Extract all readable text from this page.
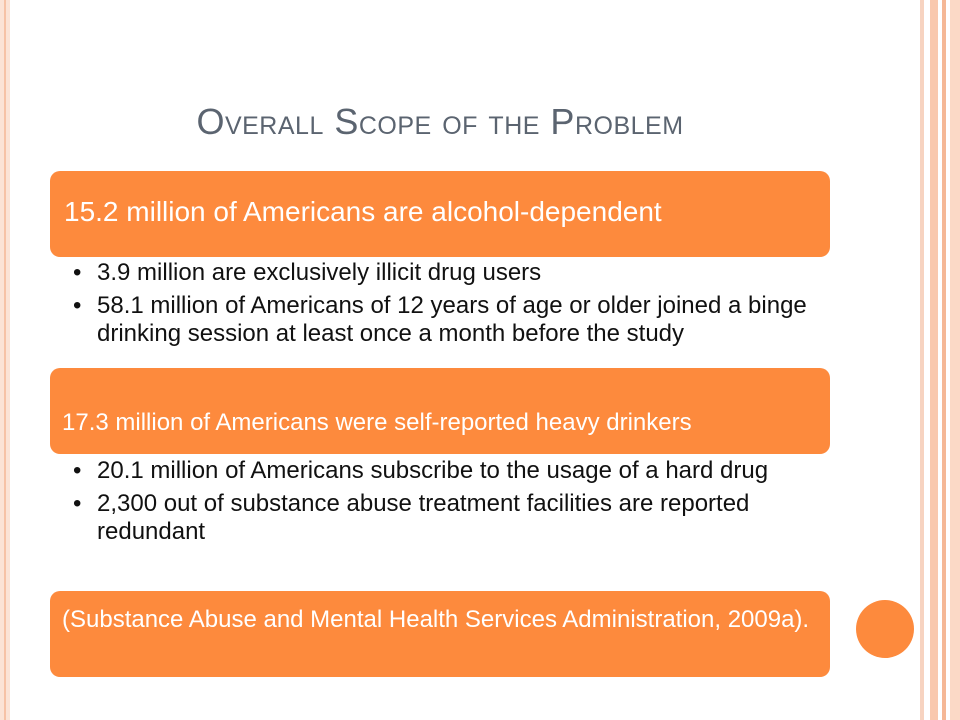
Overall Scope of the Problem
15.2 million of Americans are alcohol-dependent
• 3.9 million are exclusively illicit drug users
• 58.1 million of Americans of 12 years of age or older joined a binge drinking session at least once a month before the study
17.3 million of Americans were self-reported heavy drinkers
• 20.1 million of Americans subscribe to the usage of a hard drug
• 2,300 out of substance abuse treatment facilities are reported redundant
(Substance Abuse and Mental Health Services Administration, 2009a).
